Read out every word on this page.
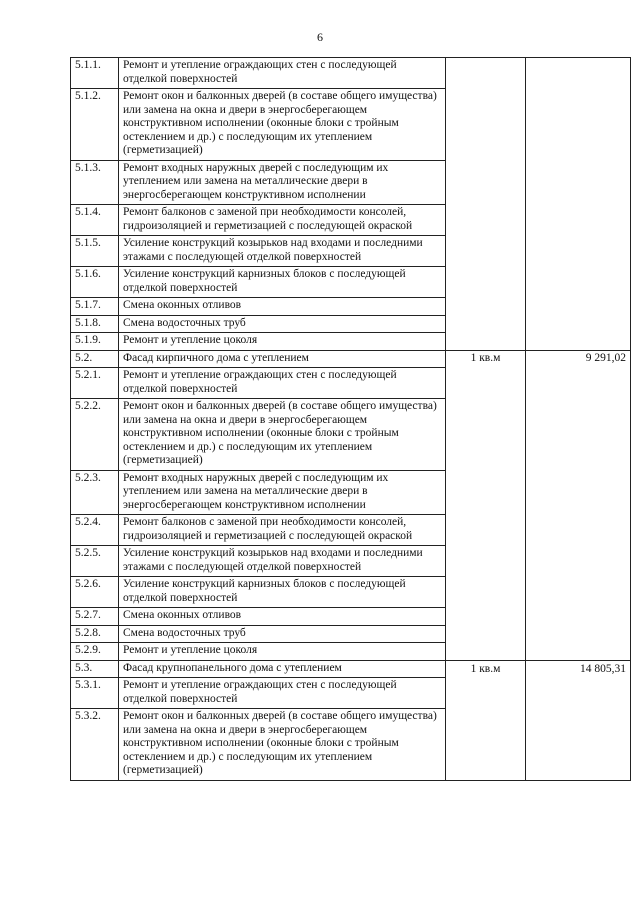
6
5.1.1.	Ремонт и утепление ограждающих стен с последующей отделкой поверхностей		
5.1.2.	Ремонт окон и балконных дверей (в составе общего имущества) или замена на окна и двери в энергосберегающем конструктивном исполнении (оконные блоки с тройным остеклением и др.) с последующим их утеплением (герметизацией)		
5.1.3.	Ремонт входных наружных дверей с последующим их утеплением или замена на металлические двери в энергосберегающем конструктивном исполнении		
5.1.4.	Ремонт балконов с заменой при необходимости консолей, гидроизоляцией и герметизацией с последующей окраской		
5.1.5.	Усиление конструкций козырьков над входами и последними этажами с последующей отделкой поверхностей		
5.1.6.	Усиление конструкций карнизных блоков с последующей отделкой поверхностей		
5.1.7.	Смена оконных отливов		
5.1.8.	Смена водосточных труб		
5.1.9.	Ремонт и утепление цоколя		
5.2.	Фасад кирпичного дома с утеплением	1 кв.м	9 291,02
5.2.1.	Ремонт и утепление ограждающих стен с последующей отделкой поверхностей		
5.2.2.	Ремонт окон и балконных дверей (в составе общего имущества) или замена на окна и двери в энергосберегающем конструктивном исполнении (оконные блоки с тройным остеклением и др.) с последующим их утеплением (герметизацией)		
5.2.3.	Ремонт входных наружных дверей с последующим их утеплением или замена на металлические двери в энергосберегающем конструктивном исполнении		
5.2.4.	Ремонт балконов с заменой при необходимости консолей, гидроизоляцией и герметизацией с последующей окраской		
5.2.5.	Усиление конструкций козырьков над входами и последними этажами с последующей отделкой поверхностей		
5.2.6.	Усиление конструкций карнизных блоков с последующей отделкой поверхностей		
5.2.7.	Смена оконных отливов		
5.2.8.	Смена водосточных труб		
5.2.9.	Ремонт и утепление цоколя		
5.3.	Фасад крупнопанельного дома с утеплением	1 кв.м	14 805,31
5.3.1.	Ремонт и утепление ограждающих стен с последующей отделкой поверхностей		
5.3.2.	Ремонт окон и балконных дверей (в составе общего имущества) или замена на окна и двери в энергосберегающем конструктивном исполнении (оконные блоки с тройным остеклением и др.) с последующим их утеплением (герметизацией)		
